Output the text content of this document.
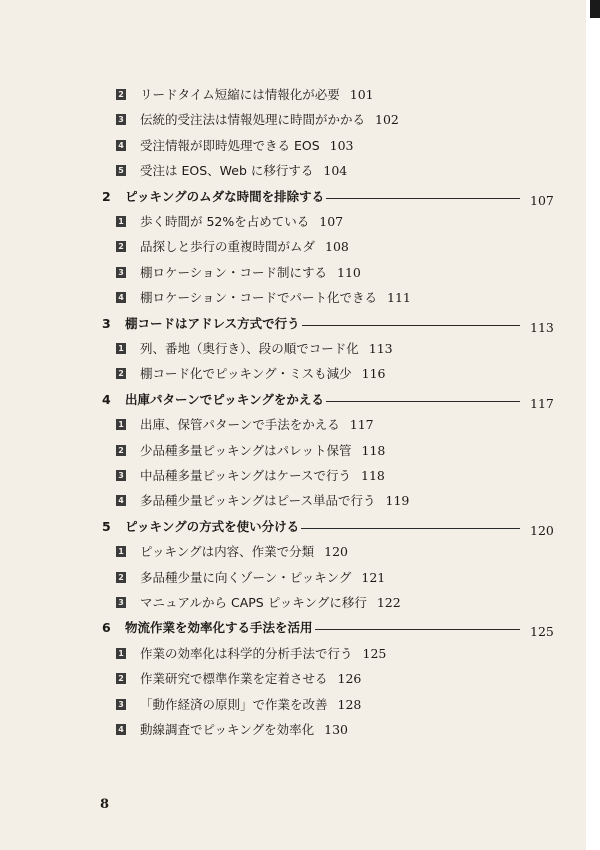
2 リードタイム短縮には情報化が必要 101
3 伝統的受注法は情報処理に時間がかかる 102
4 受注情報が即時処理できる EOS 103
5 受注は EOS、Web に移行する 104
2 ピッキングのムダな時間を排除する	107
1 歩く時間が 52%を占めている 107
2 品探しと歩行の重複時間がムダ 108
3 棚ロケーション・コード制にする 110
4 棚ロケーション・コードでパート化できる 111
3 棚コードはアドレス方式で行う	113
1 列、番地（奥行き）、段の順でコード化 113
2 棚コード化でピッキング・ミスも減少 116
4 出庫パターンでピッキングをかえる	117
1 出庫、保管パターンで手法をかえる 117
2 少品種多量ピッキングはパレット保管 118
3 中品種多量ピッキングはケースで行う 118
4 多品種少量ピッキングはピース単品で行う 119
5 ピッキングの方式を使い分ける	120
1 ピッキングは内容、作業で分類 120
2 多品種少量に向くゾーン・ピッキング 121
3 マニュアルから CAPS ピッキングに移行 122
6 物流作業を効率化する手法を活用	125
1 作業の効率化は科学的分析手法で行う 125
2 作業研究で標準作業を定着させる 126
3 「動作経済の原則」で作業を改善 128
4 動線調査でピッキングを効率化 130
8
